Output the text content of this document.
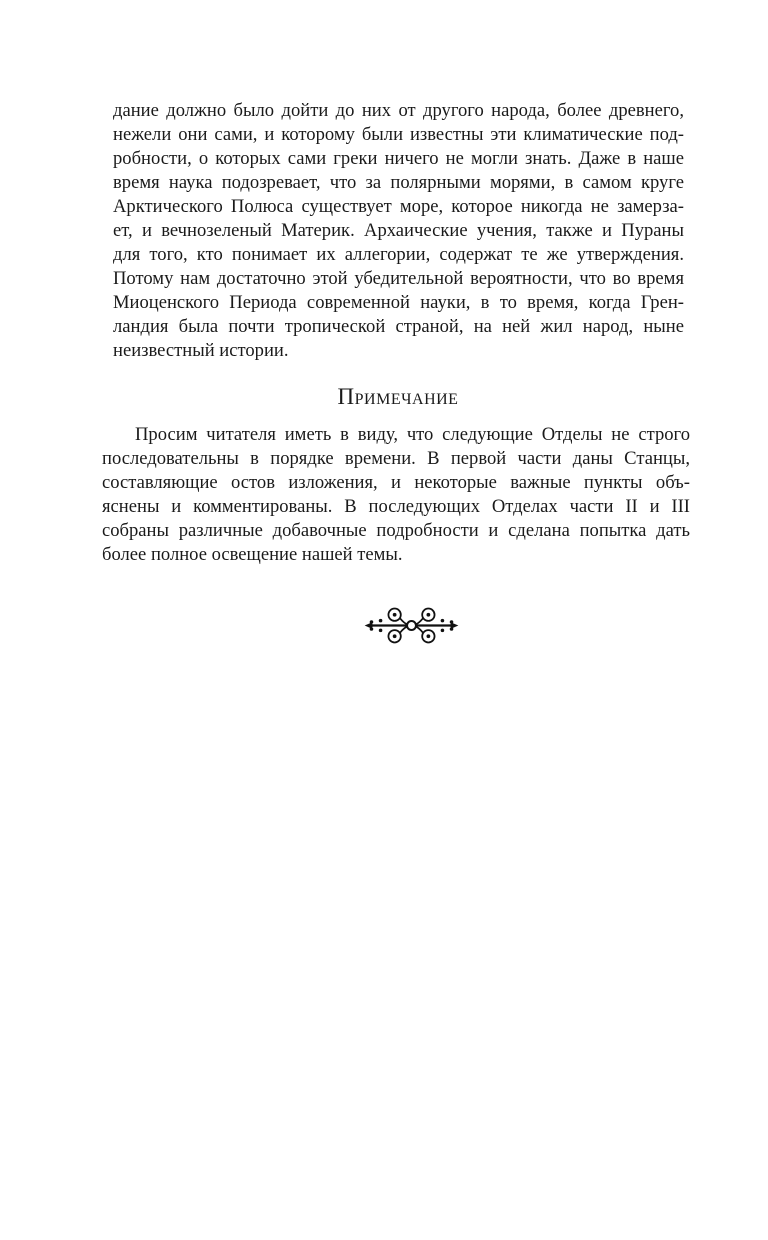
дание должно было дойти до них от другого народа, более древнего,
нежели они сами, и которому были известны эти климатические под-
робности, о которых сами греки ничего не могли знать. Даже в наше
время наука подозревает, что за полярными морями, в самом круге
Арктического Полюса существует море, которое никогда не замерза-
ет, и вечнозеленый Материк. Архаические учения, также и Пураны
для того, кто понимает их аллегории, содержат те же утверждения.
Потому нам достаточно этой убедительной вероятности, что во время
Миоценского Периода современной науки, в то время, когда Грен-
ландия была почти тропической страной, на ней жил народ, ныне
неизвестный истории.
Примечание
Просим читателя иметь в виду, что следующие Отделы не строго
последовательны в порядке времени. В первой части даны Станцы,
составляющие остов изложения, и некоторые важные пункты объ-
яснены и комментированы. В последующих Отделах части II и III
собраны различные добавочные подробности и сделана попытка дать
более полное освещение нашей темы.
